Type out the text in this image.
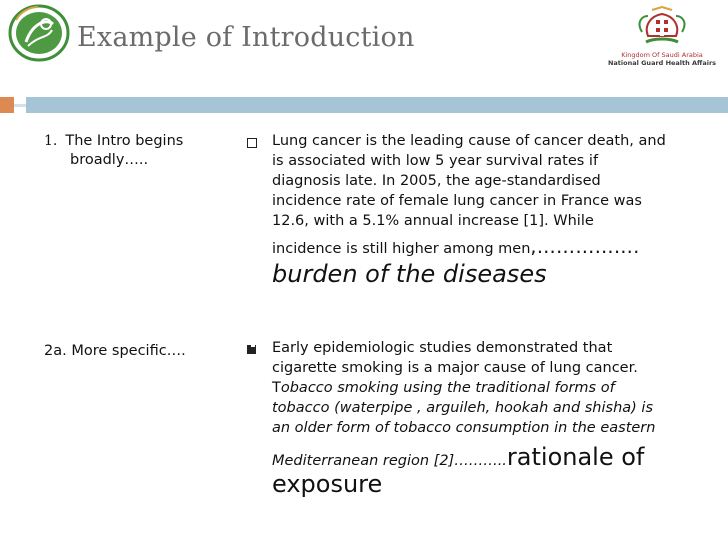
Example of Introduction
Kingdom Of Saudi Arabia
National Guard Health Affairs
1. The Intro begins
broadly…..
2a. More specific….
Lung cancer is the leading cause of cancer death, and
is associated with low 5 year survival rates if
diagnosis late. In 2005, the age-standardised
incidence rate of female lung cancer in France was
12.6, with a 5.1% annual increase [1]. While
incidence is still higher among men,…………….
burden of the diseases
Early epidemiologic studies demonstrated that
cigarette smoking is a major cause of lung cancer.
Tobacco smoking using the traditional forms of
tobacco (waterpipe , arguileh, hookah and shisha) is
an older form of tobacco consumption in the eastern
Mediterranean region [2]………..rationale of
exposure
